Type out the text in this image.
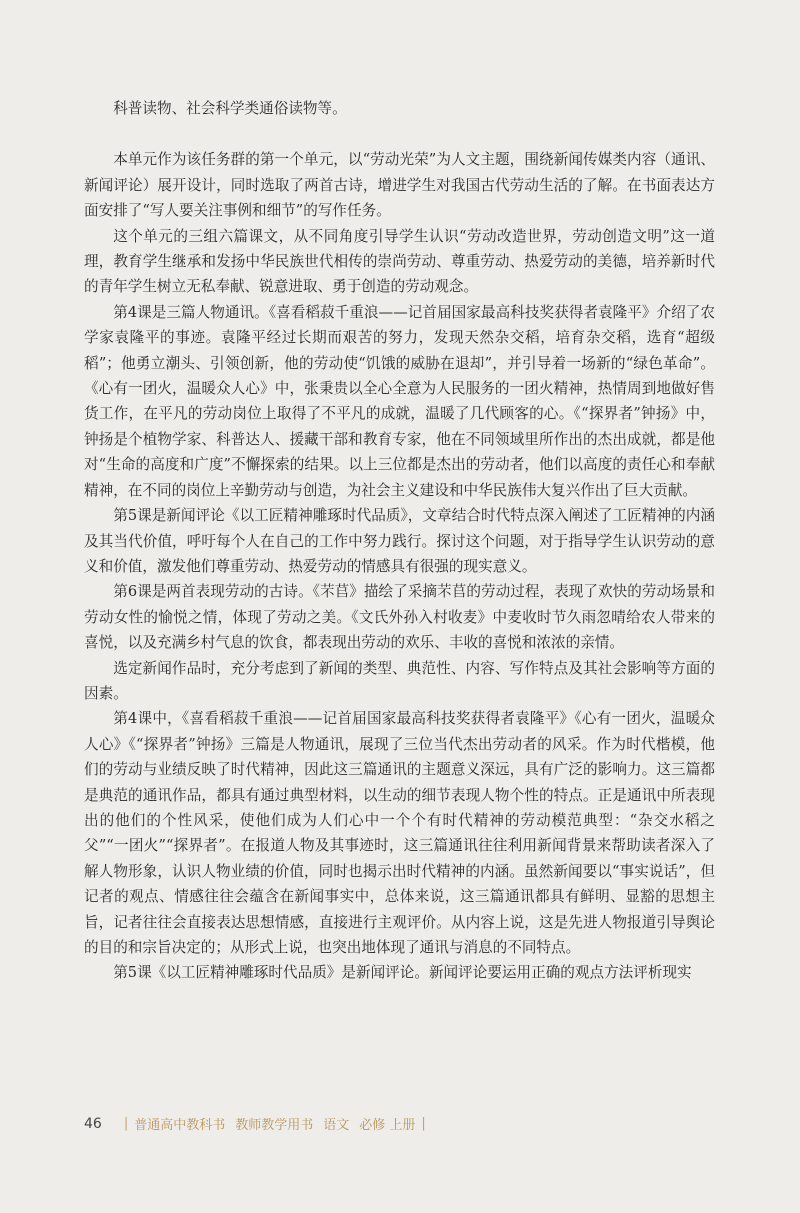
科普读物、社会科学类通俗读物等。

本单元作为该任务群的第一个单元，以“劳动光荣”为人文主题，围绕新闻传媒类内容（通讯、新闻评论）展开设计，同时选取了两首古诗，增进学生对我国古代劳动生活的了解。在书面表达方面安排了“写人要关注事例和细节”的写作任务。

这个单元的三组六篇课文，从不同角度引导学生认识“劳动改造世界，劳动创造文明”这一道理，教育学生继承和发扬中华民族世代相传的崇尚劳动、尊重劳动、热爱劳动的美德，培养新时代的青年学生树立无私奉献、锐意进取、勇于创造的劳动观念。

第4课是三篇人物通讯。《喜看稻菽千重浪——记首届国家最高科技奖获得者袁隆平》介绍了农学家袁隆平的事迹。袁隆平经过长期而艰苦的努力，发现天然杂交稻，培育杂交稻，选育“超级稻”；他勇立潮头、引领创新，他的劳动使“饥饿的威胁在退却”，并引导着一场新的“绿色革命”。《心有一团火，温暖众人心》中，张秉贵以全心全意为人民服务的一团火精神，热情周到地做好售货工作，在平凡的劳动岗位上取得了不平凡的成就，温暖了几代顾客的心。《“探界者”钟扬》中，钟扬是个植物学家、科普达人、援藏干部和教育专家，他在不同领域里所作出的杰出成就，都是他对“生命的高度和广度”不懈探索的结果。以上三位都是杰出的劳动者，他们以高度的责任心和奉献精神，在不同的岗位上辛勤劳动与创造，为社会主义建设和中华民族伟大复兴作出了巨大贡献。

第5课是新闻评论《以工匠精神雕琢时代品质》，文章结合时代特点深入阐述了工匠精神的内涵及其当代价值，呼吁每个人在自己的工作中努力践行。探讨这个问题，对于指导学生认识劳动的意义和价值，激发他们尊重劳动、热爱劳动的情感具有很强的现实意义。

第6课是两首表现劳动的古诗。《芣苢》描绘了采摘芣苢的劳动过程，表现了欢快的劳动场景和劳动女性的愉悦之情，体现了劳动之美。《文氏外孙入村收麦》中麦收时节久雨忽晴给农人带来的喜悦，以及充满乡村气息的饮食，都表现出劳动的欢乐、丰收的喜悦和浓浓的亲情。

选定新闻作品时，充分考虑到了新闻的类型、典范性、内容、写作特点及其社会影响等方面的因素。

第4课中，《喜看稻菽千重浪——记首届国家最高科技奖获得者袁隆平》《心有一团火，温暖众人心》《“探界者”钟扬》三篇是人物通讯，展现了三位当代杰出劳动者的风采。作为时代楷模，他们的劳动与业绩反映了时代精神，因此这三篇通讯的主题意义深远，具有广泛的影响力。这三篇都是典范的通讯作品，都具有通过典型材料，以生动的细节表现人物个性的特点。正是通讯中所表现出的他们的个性风采，使他们成为人们心中一个个有时代精神的劳动模范典型：“杂交水稻之父”“一团火”“探界者”。在报道人物及其事迹时，这三篇通讯往往利用新闻背景来帮助读者深入了解人物形象，认识人物业绩的价值，同时也揭示出时代精神的内涵。虽然新闻要以“事实说话”，但记者的观点、情感往往会蕴含在新闻事实中，总体来说，这三篇通讯都具有鲜明、显豁的思想主旨，记者往往会直接表达思想情感，直接进行主观评价。从内容上说，这是先进人物报道引导舆论的目的和宗旨决定的；从形式上说，也突出地体现了通讯与消息的不同特点。

第5课《以工匠精神雕琢时代品质》是新闻评论。新闻评论要运用正确的观点方法评析现实

46 | 普通高中教科书 教师教学用书 语文 必修 上册 |
